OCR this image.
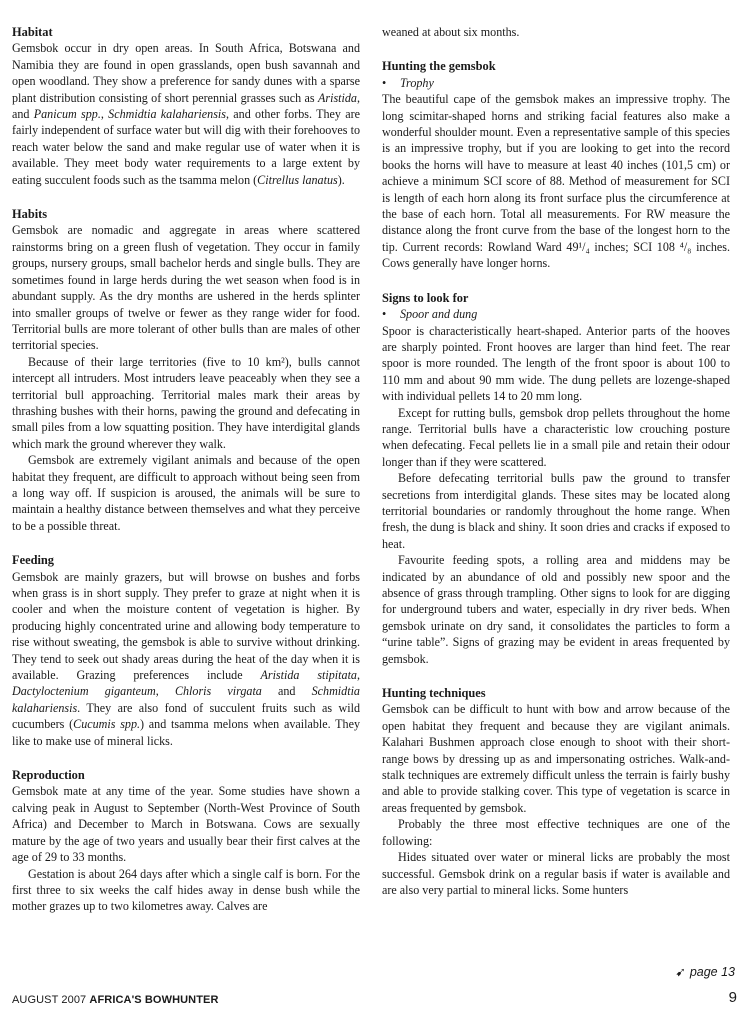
Habitat

Gemsbok occur in dry open areas. In South Africa, Botswana and Namibia they are found in open grasslands, open bush savannah and open woodland. They show a preference for sandy dunes with a sparse plant distribution consisting of short perennial grasses such as Aristida, and Panicum spp., Schmidtia kalahariensis, and other forbs. They are fairly independent of surface water but will dig with their forehooves to reach water below the sand and make regular use of water when it is available. They meet body water requirements to a large extent by eating succulent foods such as the tsamma melon (Citrellus lanatus).

Habits

Gemsbok are nomadic and aggregate in areas where scattered rainstorms bring on a green flush of vegetation. They occur in family groups, nursery groups, small bachelor herds and single bulls. They are sometimes found in large herds during the wet season when food is in abundant supply. As the dry months are ushered in the herds splinter into smaller groups of twelve or fewer as they range wider for food. Territorial bulls are more tolerant of other bulls than are males of other territorial species.

Because of their large territories (five to 10 km²), bulls cannot intercept all intruders. Most intruders leave peaceably when they see a territorial bull approaching. Territorial males mark their areas by thrashing bushes with their horns, pawing the ground and defecating in small piles from a low squatting position. They have interdigital glands which mark the ground wherever they walk.

Gemsbok are extremely vigilant animals and because of the open habitat they frequent, are difficult to approach without being seen from a long way off. If suspicion is aroused, the animals will be sure to maintain a healthy distance between themselves and what they perceive to be a possible threat.

Feeding

Gemsbok are mainly grazers, but will browse on bushes and forbs when grass is in short supply. They prefer to graze at night when it is cooler and when the moisture content of vegetation is higher. By producing highly concentrated urine and allowing body temperature to rise without sweating, the gemsbok is able to survive without drinking. They tend to seek out shady areas during the heat of the day when it is available. Grazing preferences include Aristida stipitata, Dactyloctenium giganteum, Chloris virgata and Schmidtia kalahariensis. They are also fond of succulent fruits such as wild cucumbers (Cucumis spp.) and tsamma melons when available. They like to make use of mineral licks.

Reproduction

Gemsbok mate at any time of the year. Some studies have shown a calving peak in August to September (North-West Province of South Africa) and December to March in Botswana. Cows are sexually mature by the age of two years and usually bear their first calves at the age of 29 to 33 months.

Gestation is about 264 days after which a single calf is born. For the first three to six weeks the calf hides away in dense bush while the mother grazes up to two kilometres away. Calves are

weaned at about six months.

Hunting the gemsbok

• Trophy

The beautiful cape of the gemsbok makes an impressive trophy. The long scimitar-shaped horns and striking facial features also make a wonderful shoulder mount. Even a representative sample of this species is an impressive trophy, but if you are looking to get into the record books the horns will have to measure at least 40 inches (101,5 cm) or achieve a minimum SCI score of 88. Method of measurement for SCI is length of each horn along its front surface plus the circumference at the base of each horn. Total all measurements. For RW measure the distance along the front curve from the base of the longest horn to the tip. Current records: Rowland Ward 49¹/₄ inches; SCI 108 ⁴/₈ inches. Cows generally have longer horns.

Signs to look for

• Spoor and dung

Spoor is characteristically heart-shaped. Anterior parts of the hooves are sharply pointed. Front hooves are larger than hind feet. The rear spoor is more rounded. The length of the front spoor is about 100 to 110 mm and about 90 mm wide. The dung pellets are lozenge-shaped with individual pellets 14 to 20 mm long.

Except for rutting bulls, gemsbok drop pellets throughout the home range. Territorial bulls have a characteristic low crouching posture when defecating. Fecal pellets lie in a small pile and retain their odour longer than if they were scattered.

Before defecating territorial bulls paw the ground to transfer secretions from interdigital glands. These sites may be located along territorial boundaries or randomly throughout the home range. When fresh, the dung is black and shiny. It soon dries and cracks if exposed to heat.

Favourite feeding spots, a rolling area and middens may be indicated by an abundance of old and possibly new spoor and the absence of grass through trampling. Other signs to look for are digging for underground tubers and water, especially in dry river beds. When gemsbok urinate on dry sand, it consolidates the particles to form a “urine table”. Signs of grazing may be evident in areas frequented by gemsbok.

Hunting techniques

Gemsbok can be difficult to hunt with bow and arrow because of the open habitat they frequent and because they are vigilant animals. Kalahari Bushmen approach close enough to shoot with their short-range bows by dressing up as and impersonating ostriches. Walk-and-stalk techniques are extremely difficult unless the terrain is fairly bushy and able to provide stalking cover. This type of vegetation is scarce in areas frequented by gemsbok.

Probably the three most effective techniques are one of the following:

Hides situated over water or mineral licks are probably the most successful. Gemsbok drink on a regular basis if water is available and are also very partial to mineral licks. Some hunters

➹ page 13
AUGUST 2007 AFRICA'S BOWHUNTER	9
